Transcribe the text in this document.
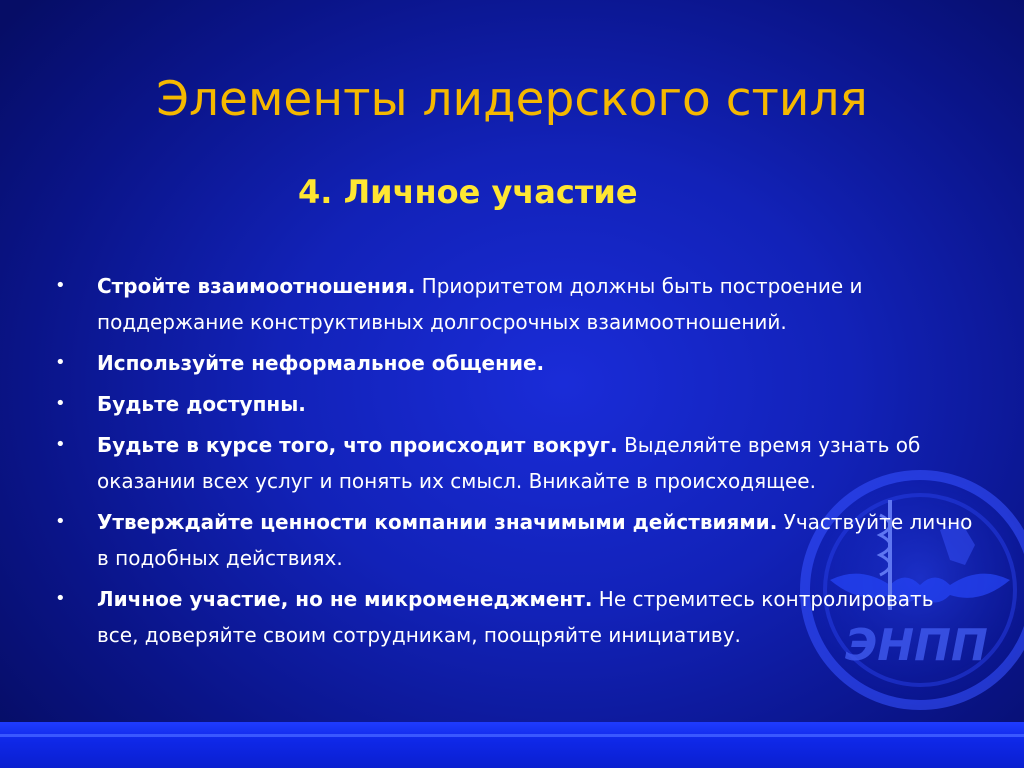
ЭНПП
Элементы лидерского стиля
4. Личное участие
• Стройте взаимоотношения. Приоритетом должны быть построение и поддержание конструктивных долгосрочных взаимоотношений.
• Используйте неформальное общение.
• Будьте доступны.
• Будьте в курсе того, что происходит вокруг. Выделяйте время узнать об оказании всех услуг и понять их смысл. Вникайте в происходящее.
• Утверждайте ценности компании значимыми действиями. Участвуйте лично в подобных действиях.
• Личное участие, но не микроменеджмент. Не стремитесь контролировать все, доверяйте своим сотрудникам, поощряйте инициативу.
